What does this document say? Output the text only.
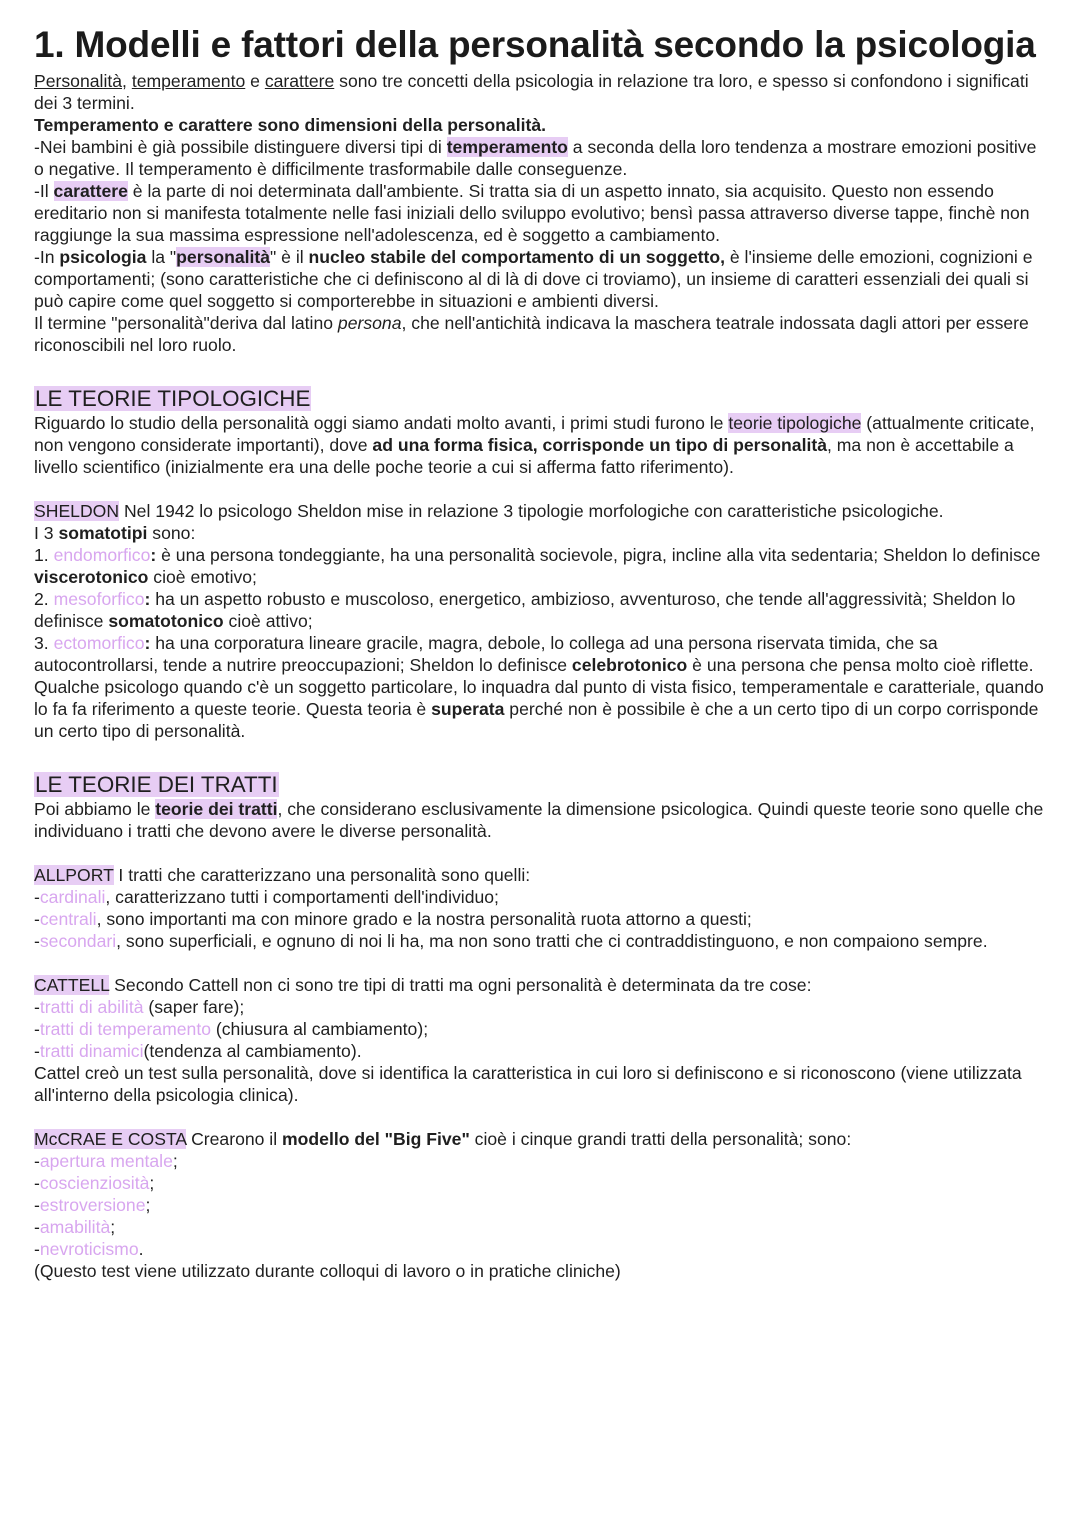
1. Modelli e fattori della personalità secondo la psicologia

Personalità, temperamento e carattere sono tre concetti della psicologia in relazione tra loro, e spesso si confondono i significati dei 3 termini.

Temperamento e carattere sono dimensioni della personalità.

-Nei bambini è già possibile distinguere diversi tipi di temperamento a seconda della loro tendenza a mostrare emozioni positive o negative. Il temperamento è difficilmente trasformabile dalle conseguenze.

-Il carattere è la parte di noi determinata dall'ambiente. Si tratta sia di un aspetto innato, sia acquisito. Questo non essendo ereditario non si manifesta totalmente nelle fasi iniziali dello sviluppo evolutivo; bensì passa attraverso diverse tappe, finchè non raggiunge la sua massima espressione nell'adolescenza, ed è soggetto a cambiamento.

-In psicologia la "personalità" è il nucleo stabile del comportamento di un soggetto, è l'insieme delle emozioni, cognizioni e comportamenti; (sono caratteristiche che ci definiscono al di là di dove ci troviamo), un insieme di caratteri essenziali dei quali si può capire come quel soggetto si comporterebbe in situazioni e ambienti diversi.

Il termine "personalità"deriva dal latino persona, che nell'antichità indicava la maschera teatrale indossata dagli attori per essere riconoscibili nel loro ruolo.

LE TEORIE TIPOLOGICHE

Riguardo lo studio della personalità oggi siamo andati molto avanti, i primi studi furono le teorie tipologiche (attualmente criticate, non vengono considerate importanti), dove ad una forma fisica, corrisponde un tipo di personalità, ma non è accettabile a livello scientifico (inizialmente era una delle poche teorie a cui si afferma fatto riferimento).

SHELDON Nel 1942 lo psicologo Sheldon mise in relazione 3 tipologie morfologiche con caratteristiche psicologiche.

I 3 somatotipi sono:

1. endomorfico: è una persona tondeggiante, ha una personalità socievole, pigra, incline alla vita sedentaria; Sheldon lo definisce viscerotonico cioè emotivo;

2. mesoforfico: ha un aspetto robusto e muscoloso, energetico, ambizioso, avventuroso, che tende all'aggressività; Sheldon lo definisce somatotonico cioè attivo;

3. ectomorfico: ha una corporatura lineare gracile, magra, debole, lo collega ad una persona riservata timida, che sa autocontrollarsi, tende a nutrire preoccupazioni; Sheldon lo definisce celebrotonico è una persona che pensa molto cioè riflette.

Qualche psicologo quando c'è un soggetto particolare, lo inquadra dal punto di vista fisico, temperamentale e caratteriale, quando lo fa fa riferimento a queste teorie. Questa teoria è superata perché non è possibile è che a un certo tipo di un corpo corrisponde un certo tipo di personalità.

LE TEORIE DEI TRATTI

Poi abbiamo le teorie dei tratti, che considerano esclusivamente la dimensione psicologica. Quindi queste teorie sono quelle che individuano i tratti che devono avere le diverse personalità.

ALLPORT I tratti che caratterizzano una personalità sono quelli:

-cardinali, caratterizzano tutti i comportamenti dell'individuo;

-centrali, sono importanti ma con minore grado e la nostra personalità ruota attorno a questi;

-secondari, sono superficiali, e ognuno di noi li ha, ma non sono tratti che ci contraddistinguono, e non compaiono sempre.

CATTELL Secondo Cattell non ci sono tre tipi di tratti ma ogni personalità è determinata da tre cose:

-tratti di abilità (saper fare);

-tratti di temperamento (chiusura al cambiamento);

-tratti dinamici(tendenza al cambiamento).

Cattel creò un test sulla personalità, dove si identifica la caratteristica in cui loro si definiscono e si riconoscono (viene utilizzata all'interno della psicologia clinica).

McCRAE E COSTA Crearono il modello del "Big Five" cioè i cinque grandi tratti della personalità; sono:

-apertura mentale;

-coscienziosità;

-estroversione;

-amabilità;

-nevroticismo.

(Questo test viene utilizzato durante colloqui di lavoro o in pratiche cliniche)
